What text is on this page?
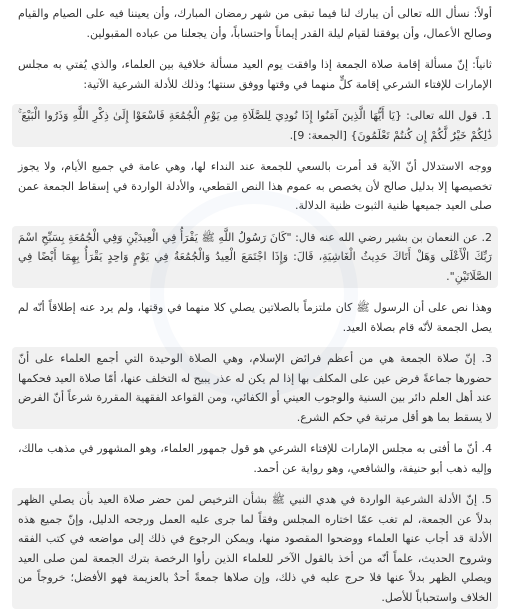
أولاً: نسأل الله تعالى أن يبارك لنا فيما تبقى من شهر رمضان المبارك، وأن يعيننا فيه على الصيام والقيام وصالح الأعمال، وأن يوفقنا لقيام ليلة القدر إيماناً واحتساباً، وأن يجعلنا من عباده المقبولين.

ثانياً: إنّ مسألة إقامة صلاة الجمعة إذا وافقت يوم العيد مسألة خلافية بين العلماء، والذي يُفتي به مجلس الإمارات للإفتاء الشرعي إقامة كلٍّ منهما في وقتها ووفق سنتها؛ وذلك للأدلة الشرعية الآتية:

1. قول الله تعالى: {يَا أَيُّهَا الَّذِينَ آمَنُوا إِذَا نُودِيَ لِلصَّلَاةِ مِن يَوْمِ الْجُمُعَةِ فَاسْعَوْا إِلَىٰ ذِكْرِ اللَّهِ وَذَرُوا الْبَيْعَ ۚ ذَٰلِكُمْ خَيْرٌ لَّكُمْ إِن كُنتُمْ تَعْلَمُونَ} [الجمعة: 9].

ووجه الاستدلال أنّ الآية قد أمرت بالسعي للجمعة عند النداء لها، وهي عامة في جميع الأيام، ولا يجوز تخصيصها إلا بدليل صالح لأن يخصص به عموم هذا النص القطعي، والأدلة الواردة في إسقاط الجمعة عمن صلى العيد جميعها ظنية الثبوت ظنية الدلالة.

2. عن النعمان بن بشير رضي الله عنه قال: "كَانَ رَسُولُ اللَّهِ ﷺ يَقْرَأُ فِي الْعِيدَيْنِ وَفِي الْجُمُعَةِ بِسَبِّحِ اسْمَ رَبِّكَ الْأَعْلَى وَهَلْ أَتَاكَ حَدِيثُ الْغَاشِيَةِ، قَالَ: وَإِذَا اجْتَمَعَ الْعِيدُ وَالْجُمُعَةُ فِي يَوْمٍ وَاحِدٍ يَقْرَأُ بِهِمَا أَيْضًا فِي الصَّلَاتَيْنِ".

وهذا نص على أن الرسول ﷺ كان ملتزماً بالصلاتين يصلي كلا منهما في وقتها، ولم يرد عنه إطلاقاً أنّه لم يصل الجمعة لأنّه قام بصلاة العيد.

3. إنّ صلاة الجمعة هي من أعظم فرائض الإسلام، وهي الصلاة الوحيدة التي أجمع العلماء على أنّ حضورها جماعةً فرض عين على المكلف بها إذا لم يكن له عذر يبيح له التخلف عنها، أمّا صلاة العيد فحكمها عند أهل العلم دائر بين السنية والوجوب العيني أو الكفائي، ومن القواعد الفقهية المقررة شرعاً أنّ الفرض لا يسقط بما هو أقل مرتبة في حكم الشرع.

4. أنّ ما أفتى به مجلس الإمارات للإفتاء الشرعي هو قول جمهور العلماء، وهو المشهور في مذهب مالك، وإليه ذهب أبو حنيفة، والشافعي، وهو رواية عن أحمد.

5. إنّ الأدلة الشرعية الواردة في هدي النبي ﷺ بشأن الترخيص لمن حضر صلاة العيد بأن يصلي الظهر بدلاً عن الجمعة، لم تغب عمّا اختاره المجلس وفقاً لما جرى عليه العمل ورجحه الدليل، وإنّ جميع هذه الأدلة قد أجاب عنها العلماء ووضحوا المقصود منها، ويمكن الرجوع في ذلك إلى مواضعه في كتب الفقه وشروح الحديث، علماً أنّه من أخذ بالقول الآخر للعلماء الذين رأوا الرخصة بترك الجمعة لمن صلى العيد ويصلي الظهر بدلاً عنها فلا حرج عليه في ذلك، وإن صلاها جمعةً أحدٌ بالعزيمة فهو الأفضل؛ خروجاً من الخلاف واستحباباً للأصل.
